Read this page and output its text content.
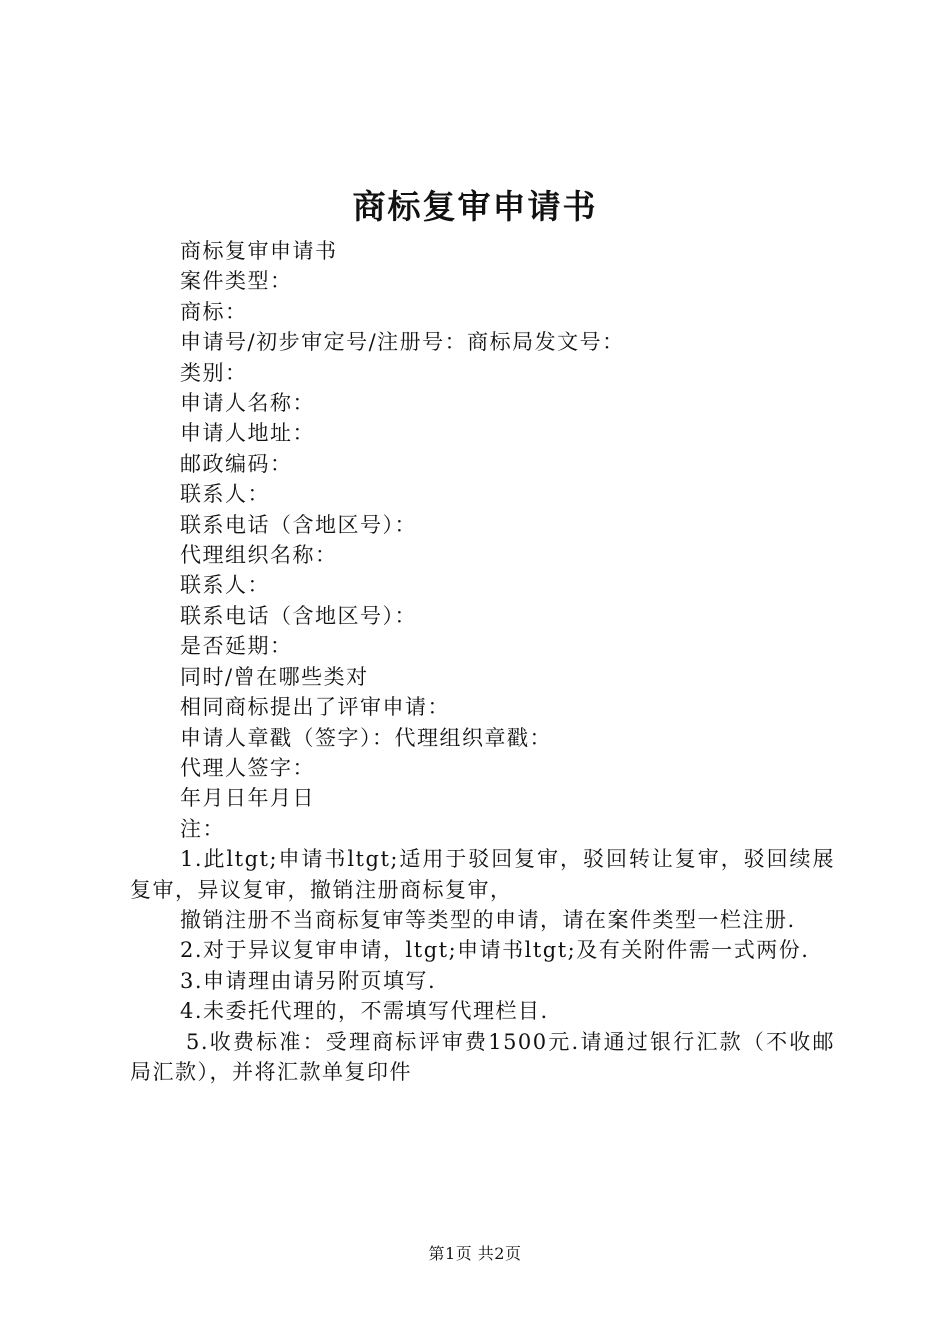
商标复审申请书
商标复审申请书
案件类型：
商标：
申请号/初步审定号/注册号：商标局发文号：
类别：
申请人名称：
申请人地址：
邮政编码：
联系人：
联系电话（含地区号）：
代理组织名称：
联系人：
联系电话（含地区号）：
是否延期：
同时/曾在哪些类对
相同商标提出了评审申请：
申请人章戳（签字）：代理组织章戳：
代理人签字：
年月日年月日
注：
1.此ltgt;申请书ltgt;适用于驳回复审，驳回转让复审，驳回续展复审，异议复审，撤销注册商标复审，
撤销注册不当商标复审等类型的申请，请在案件类型一栏注册.
2.对于异议复审申请，ltgt;申请书ltgt;及有关附件需一式两份.
3.申请理由请另附页填写.
4.未委托代理的，不需填写代理栏目.
5.收费标准：受理商标评审费1500元.请通过银行汇款（不收邮局汇款），并将汇款单复印件
第1页 共2页
